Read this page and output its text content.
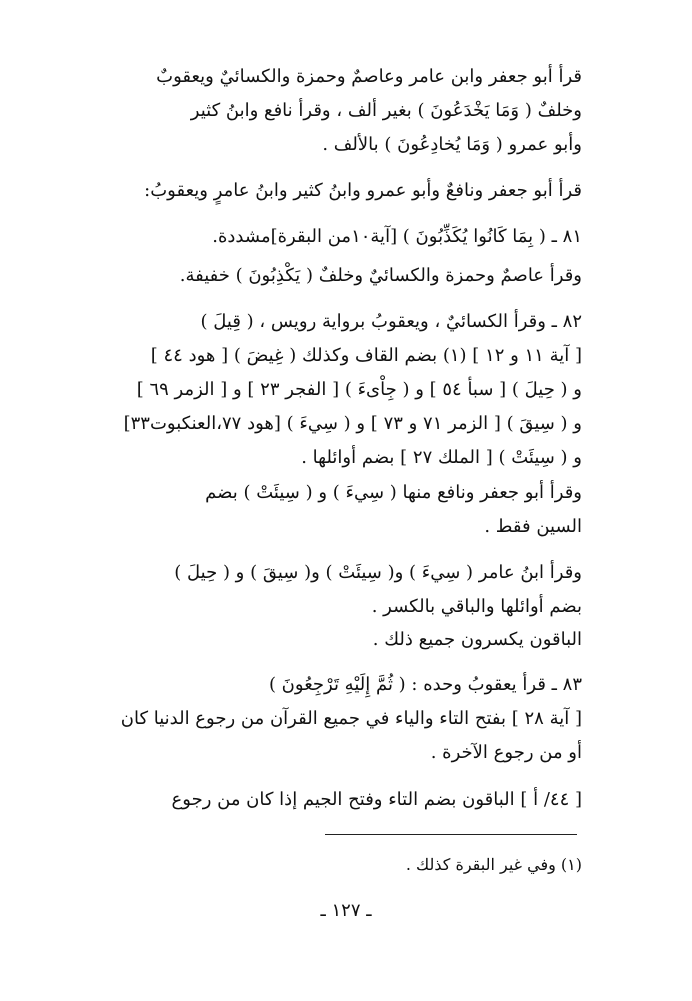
قرأ أبو جعفر وابن عامر وعاصمٌ وحمزة والكسائيٌ ويعقوبٌ
وخلفٌ ( وَمَا يَخْدَعُونَ ) بغير ألف ، وقرأ نافع وابنُ كثير
وأبو عمرو ( وَمَا يُخادِعُونَ ) بالألف .

قرأ أبو جعفر ونافعٌ وأبو عمرو وابنُ كثير وابنُ عامرٍ ويعقوبُ:

٨١ ـ ( بِمَا كَانُوا يُكَذِّبُونَ ) [آية١٠من البقرة]مشددة.

وقرأ عاصمٌ وحمزة والكسائيٌ وخلفٌ ( يَكْذِبُونَ ) خفيفة.

٨٢ ـ وقرأ الكسائيٌ ، ويعقوبُ برواية رويس ، ( قِيلَ )
[ آية ١١ و ١٢ ] (١) بضم القاف وكذلك ( غِيضَ ) [ هود ٤٤ ]
و ( حِيلَ ) [ سبأ ٥٤ ] و ( جِاْىءَ ) [ الفجر ٢٣ ] و [ الزمر ٦٩ ]
و ( سِيقَ ) [ الزمر ٧١ و ٧٣ ] و ( سِيءَ ) [هود ٧٧،العنكبوت٣٣]
و ( سِيئَتْ ) [ الملك ٢٧ ] بضم أوائلها .

وقرأ أبو جعفر ونافع منها ( سِيءَ ) و ( سِيئَتْ ) بضم
السين فقط .

وقرأ ابنُ عامر ( سِيءَ ) و( سِيئَتْ ) و( سِيقَ ) و ( حِيلَ )
بضم أوائلها والباقي بالكسر .

الباقون يكسرون جميع ذلك .

٨٣ ـ قرأ يعقوبُ وحده : ( ثُمَّ إِلَيْهِ تَرْجِعُونَ )
[ آية ٢٨ ] بفتح التاء والياء في جميع القرآن من رجوع الدنيا كان
أو من رجوع الآخرة .

[ ٤٤/ أ ] الباقون بضم التاء وفتح الجيم إذا كان من رجوع

(١) وفي غير البقرة كذلك .
ـ ١٢٧ ـ
